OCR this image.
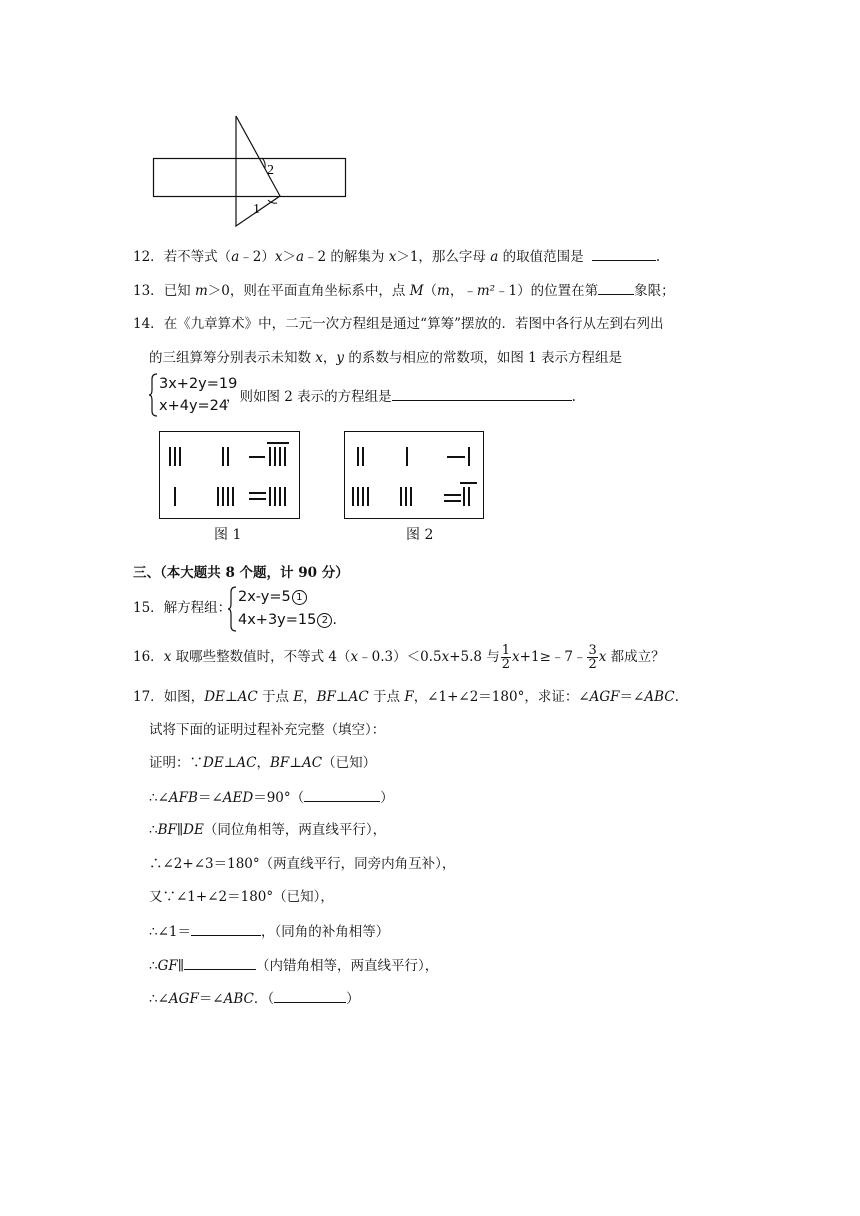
2
1
12．若不等式（a﹣2）x＞a﹣2 的解集为 x＞1，那么字母 a 的取值范围是	.
13．已知 m＞0，则在平面直角坐标系中，点 M（m，﹣m²﹣1）的位置在第	象限；
14．在《九章算术》中，二元一次方程组是通过“算筹”摆放的．若图中各行从左到右列出
的三组算筹分别表示未知数 x，y 的系数与相应的常数项，如图 1 表示方程组是
3x+2y=19
x+4y=24
，则如图 2 表示的方程组是	.
图 1	图 2
三、（本大题共 8 个题，计 90 分）
15．解方程组：
2x-y=5 1
4x+3y=15 2 .
16．x 取哪些整数值时，不等式 4（x﹣0.3）＜0.5x+5.8 与 $\frac{1}{2}$ x+1≥﹣7﹣ $\frac{3}{2}$ x 都成立？
17．如图，DE⊥AC 于点 E，BF⊥AC 于点 F，∠1+∠2＝180°，求证：∠AGF＝∠ABC.
试将下面的证明过程补充完整（填空）：
证明：∵DE⊥AC，BF⊥AC（已知）
∴∠AFB＝∠AED＝90°（	）
∴BF∥DE（同位角相等，两直线平行），
∴∠2+∠3＝180°（两直线平行，同旁内角互补），
又∵∠1+∠2＝180°（已知），
∴∠1＝	，（同角的补角相等）
∴GF∥	（内错角相等，两直线平行），
∴∠AGF＝∠ABC．（	）
